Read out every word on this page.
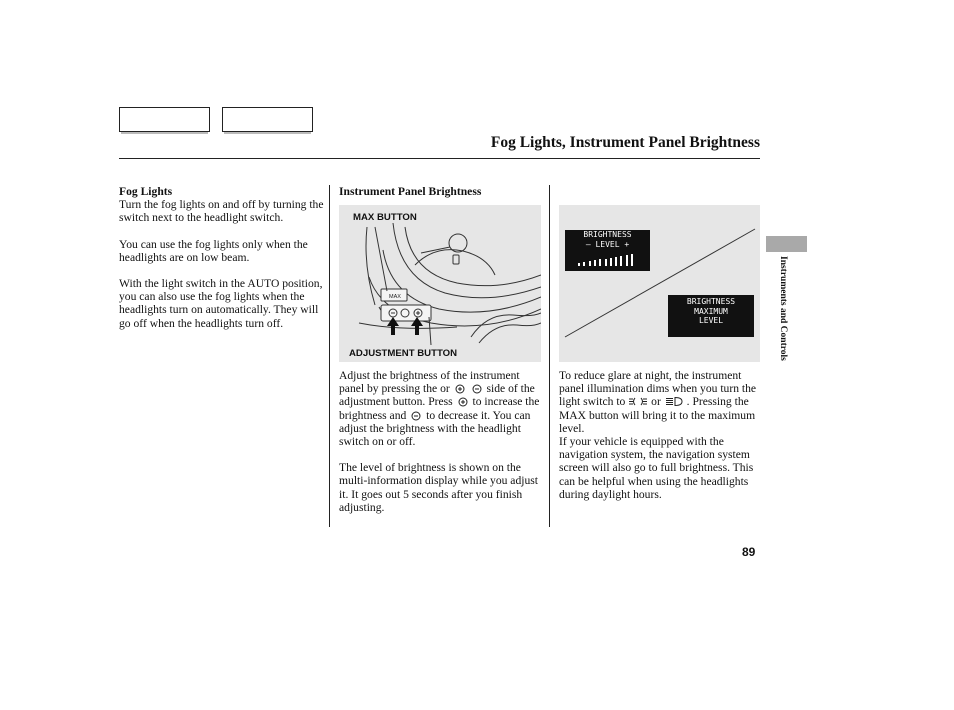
Fog Lights, Instrument Panel Brightness
Fog Lights

Turn the fog lights on and off by turning the switch next to the headlight switch.

You can use the fog lights only when the headlights are on low beam.

With the light switch in the AUTO position, you can also use the fog lights when the headlights turn on automatically. They will go off when the headlights turn off.

Instrument Panel Brightness
MAX
MAX BUTTON
ADJUSTMENT BUTTON
BRIGHTNESS
– LEVEL +
BRIGHTNESS
MAXIMUM
LEVEL

Adjust the brightness of the instrument panel by pressing the or	side of the adjustment button. Press to increase the brightness and to decrease it. You can adjust the brightness with the headlight switch on or off.

The level of brightness is shown on the multi-information display while you adjust it. It goes out 5 seconds after you finish adjusting.

To reduce glare at night, the instrument panel illumination dims when you turn the light switch to or . Pressing the MAX button will bring it to the maximum level.

If your vehicle is equipped with the navigation system, the navigation system screen will also go to full brightness. This can be helpful when using the headlights during daylight hours.

Instruments and Controls
89
